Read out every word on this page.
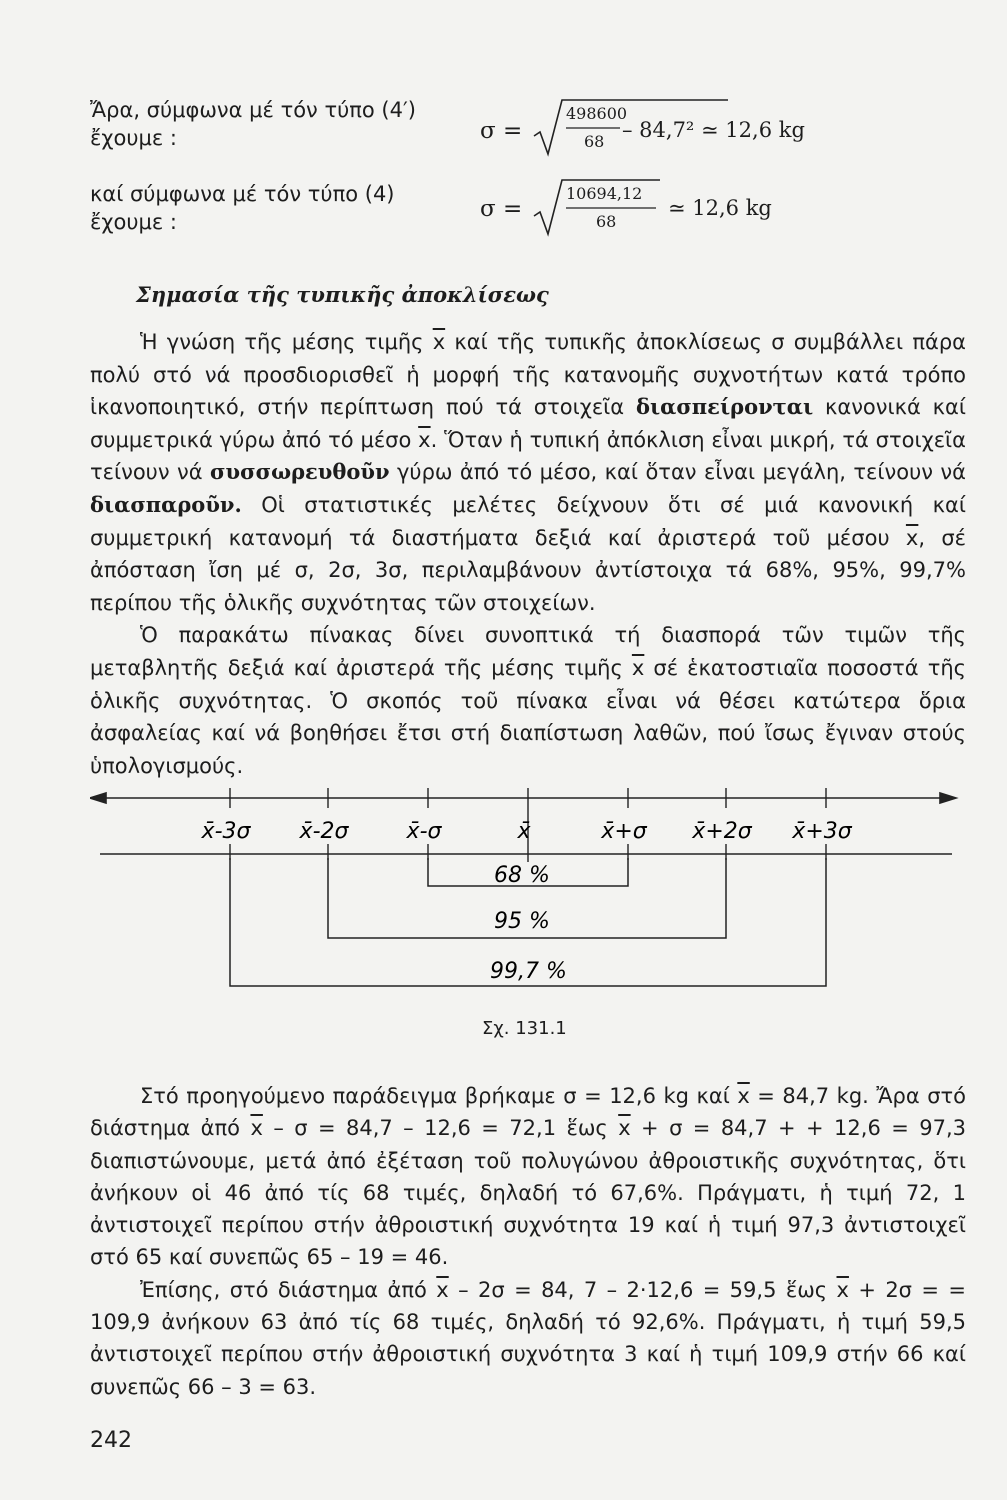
Ἄρα, σύμφωνα μέ τόν τύπο (4′)
ἔχουμε :	σ =
498600
68 – 84,7² ≃ 12,6 kg
καί σύμφωνα μέ τόν τύπο (4)
ἔχουμε :	σ =
10694,12
68
≃ 12,6 kg
Σημασία τῆς τυπικῆς ἀποκλίσεως

Ἡ γνώση τῆς μέσης τιμῆς $\overline{x}$ καί τῆς τυπικῆς ἀποκλίσεως σ συμβάλλει πάρα πολύ στό νά προσδιορισθεῖ ἡ μορφή τῆς κατανομῆς συχνοτήτων κατά τρόπο ἱκανοποιητικό, στήν περίπτωση πού τά στοιχεῖα διασπείρονται κανονικά καί συμμετρικά γύρω ἀπό τό μέσο $\overline{x}$. Ὅταν ἡ τυπική ἀπόκλιση εἶναι μικρή, τά στοιχεῖα τείνουν νά συσσωρευθοῦν γύρω ἀπό τό μέσο, καί ὅταν εἶναι μεγάλη, τείνουν νά διασπαροῦν. Οἱ στατιστικές μελέτες δείχνουν ὅτι σέ μιά κανονική καί συμμετρική κατανομή τά διαστήματα δεξιά καί ἀριστερά τοῦ μέσου $\overline{x}$, σέ ἀπόσταση ἴση μέ σ, 2σ, 3σ, περιλαμβάνουν ἀντίστοιχα τά 68%, 95%, 99,7% περίπου τῆς ὁλικῆς συχνότητας τῶν στοιχείων.

Ὁ παρακάτω πίνακας δίνει συνοπτικά τή διασπορά τῶν τιμῶν τῆς μεταβλητῆς δεξιά καί ἀριστερά τῆς μέσης τιμῆς $\overline{x}$ σέ ἑκατοστιαῖα ποσοστά τῆς ὁλικῆς συχνότητας. Ὁ σκοπός τοῦ πίνακα εἶναι νά θέσει κατώτερα ὅρια ἀσφαλείας καί νά βοηθήσει ἔτσι στή διαπίστωση λαθῶν, πού ἴσως ἔγιναν στούς ὑπολογισμούς.

x̄-3σ x̄-2σ	x̄-σ	x̄	x̄+σ x̄+2σ x̄+3σ
68 %
95 %
99,7 %
Σχ. 131.1

Στό προηγούμενο παράδειγμα βρήκαμε σ = 12,6 kg καί $\overline{x} = 84,7$ kg. Ἄρα στό διάστημα ἀπό $\overline{x} - \sigma = 84,7 - 12,6 = 72,1$ ἕως $\overline{x} + \sigma = 84,7$ + + 12,6 = 97,3 διαπιστώνουμε, μετά ἀπό ἐξέταση τοῦ πολυγώνου ἀθροιστικῆς συχνότητας, ὅτι ἀνήκουν οἱ 46 ἀπό τίς 68 τιμές, δηλαδή τό 67,6%. Πράγματι, ἡ τιμή 72, 1 ἀντιστοιχεῖ περίπου στήν ἀθροιστική συχνότητα 19 καί ἡ τιμή 97,3 ἀντιστοιχεῖ στό 65 καί συνεπῶς 65 – 19 = 46.

Ἐπίσης, στό διάστημα ἀπό $\overline{x} - 2\sigma = 84$, 7 – 2·12,6 = 59,5 ἕως $\overline{x} + 2\sigma$ = = 109,9 ἀνήκουν 63 ἀπό τίς 68 τιμές, δηλαδή τό 92,6%. Πράγματι, ἡ τιμή 59,5 ἀντιστοιχεῖ περίπου στήν ἀθροιστική συχνότητα 3 καί ἡ τιμή 109,9 στήν 66 καί συνεπῶς 66 – 3 = 63.

242
